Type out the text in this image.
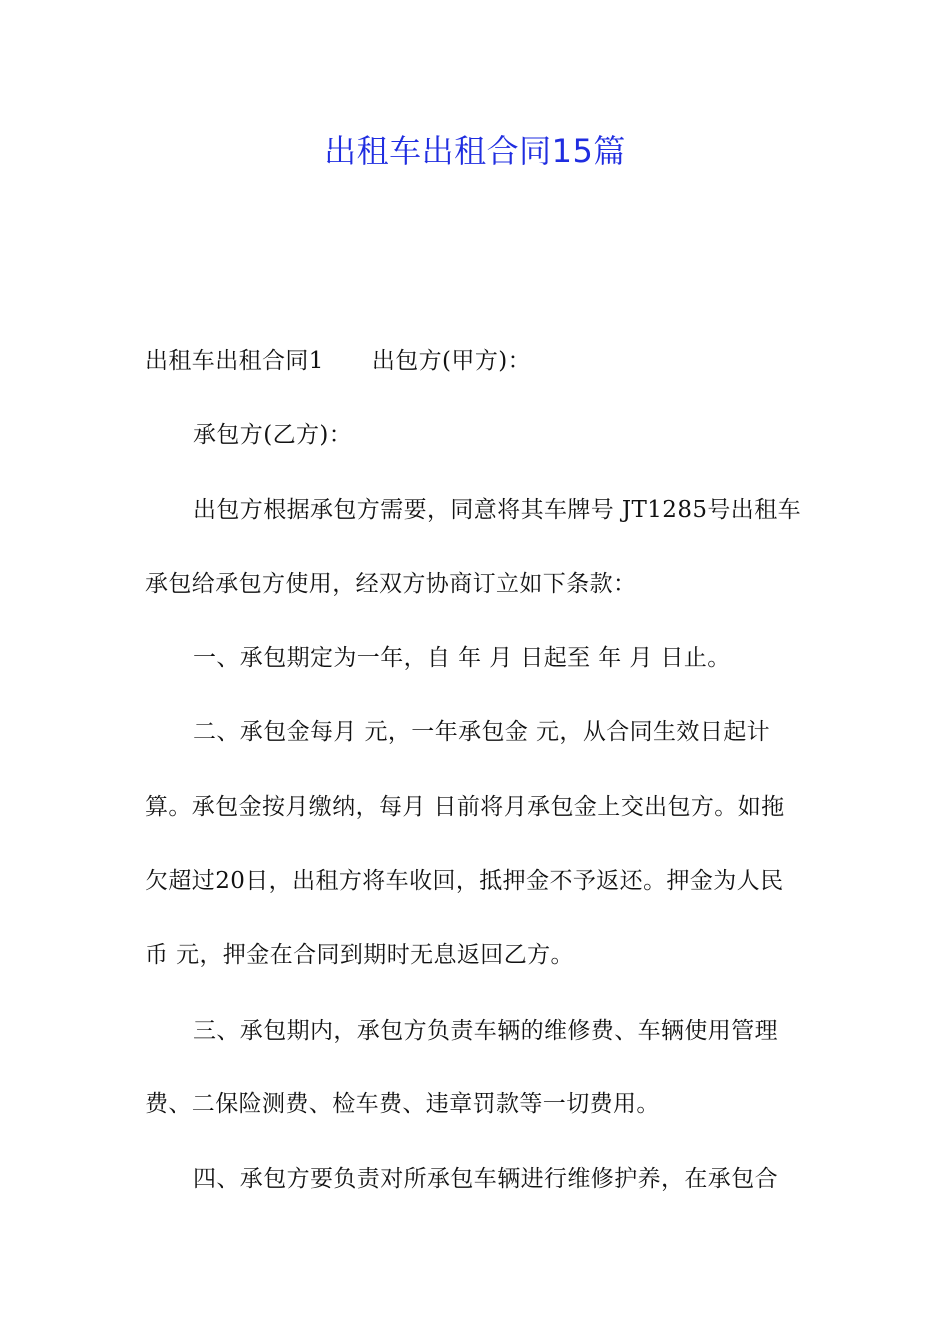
出租车出租合同15篇
出租车出租合同1 出包方(甲方)：
承包方(乙方)：
出包方根据承包方需要，同意将其车牌号 JT1285号出租车
承包给承包方使用，经双方协商订立如下条款：
一、承包期定为一年，自 年 月 日起至 年 月 日止。
二、承包金每月 元，一年承包金 元，从合同生效日起计
算。承包金按月缴纳，每月 日前将月承包金上交出包方。如拖
欠超过20日，出租方将车收回，抵押金不予返还。押金为人民
币 元，押金在合同到期时无息返回乙方。
三、承包期内，承包方负责车辆的维修费、车辆使用管理
费、二保险测费、检车费、违章罚款等一切费用。
四、承包方要负责对所承包车辆进行维修护养，在承包合
